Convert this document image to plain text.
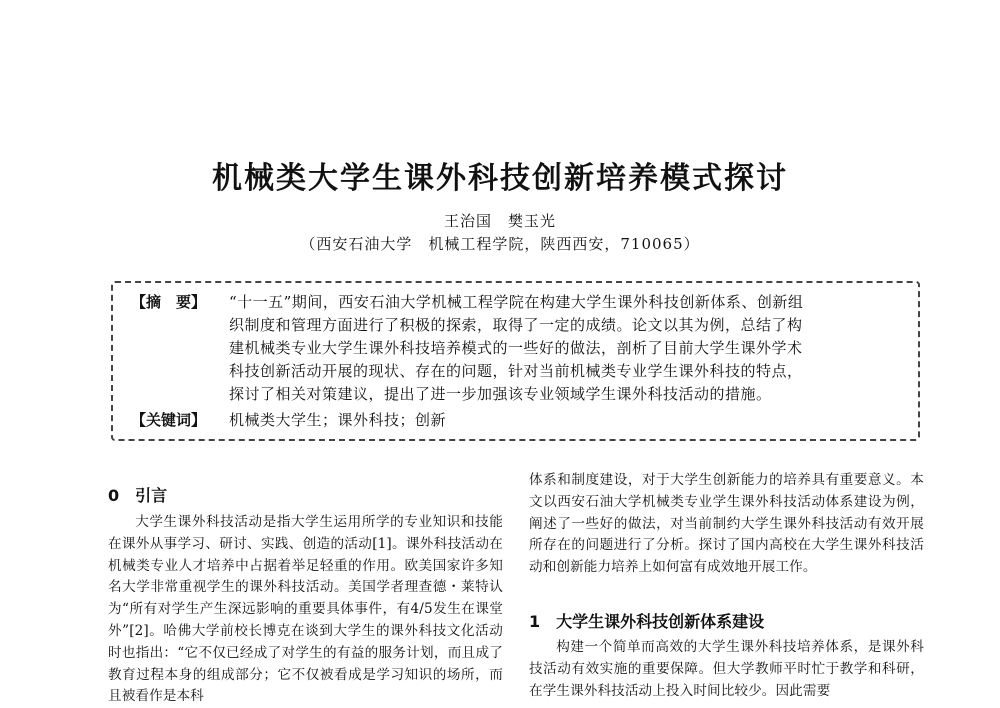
机械类大学生课外科技创新培养模式探讨
王治国　樊玉光
（西安石油大学　机械工程学院，陕西西安，710065）
【摘　要】 “十一五”期间，西安石油大学机械工程学院在构建大学生课外科技创新体系、创新组
织制度和管理方面进行了积极的探索，取得了一定的成绩。论文以其为例，总结了构
建机械类专业大学生课外科技培养模式的一些好的做法，剖析了目前大学生课外学术
科技创新活动开展的现状、存在的问题，针对当前机械类专业学生课外科技的特点，
探讨了相关对策建议，提出了进一步加强该专业领域学生课外科技活动的措施。
【关键词】 机械类大学生；课外科技；创新
0　引言

大学生课外科技活动是指大学生运用所学的专业知识和技能在课外从事学习、研讨、实践、创造的活动[1]。课外科技活动在机械类专业人才培养中占据着举足轻重的作用。欧美国家许多知名大学非常重视学生的课外科技活动。美国学者理查德・莱特认为“所有对学生产生深远影响的重要具体事件，有4/5发生在课堂外”[2]。哈佛大学前校长博克在谈到大学生的课外科技文化活动时也指出：“它不仅已经成了对学生的有益的服务计划，而且成了教育过程本身的组成部分；它不仅被看成是学习知识的场所，而且被看作是本科

体系和制度建设，对于大学生创新能力的培养具有重要意义。本文以西安石油大学机械类专业学生课外科技活动体系建设为例，阐述了一些好的做法，对当前制约大学生课外科技活动有效开展所存在的问题进行了分析。探讨了国内高校在大学生课外科技活动和创新能力培养上如何富有成效地开展工作。

1　大学生课外科技创新体系建设

构建一个简单而高效的大学生课外科技培养体系，是课外科技活动有效实施的重要保障。但大学教师平时忙于教学和科研，在学生课外科技活动上投入时间比较少。因此需要
